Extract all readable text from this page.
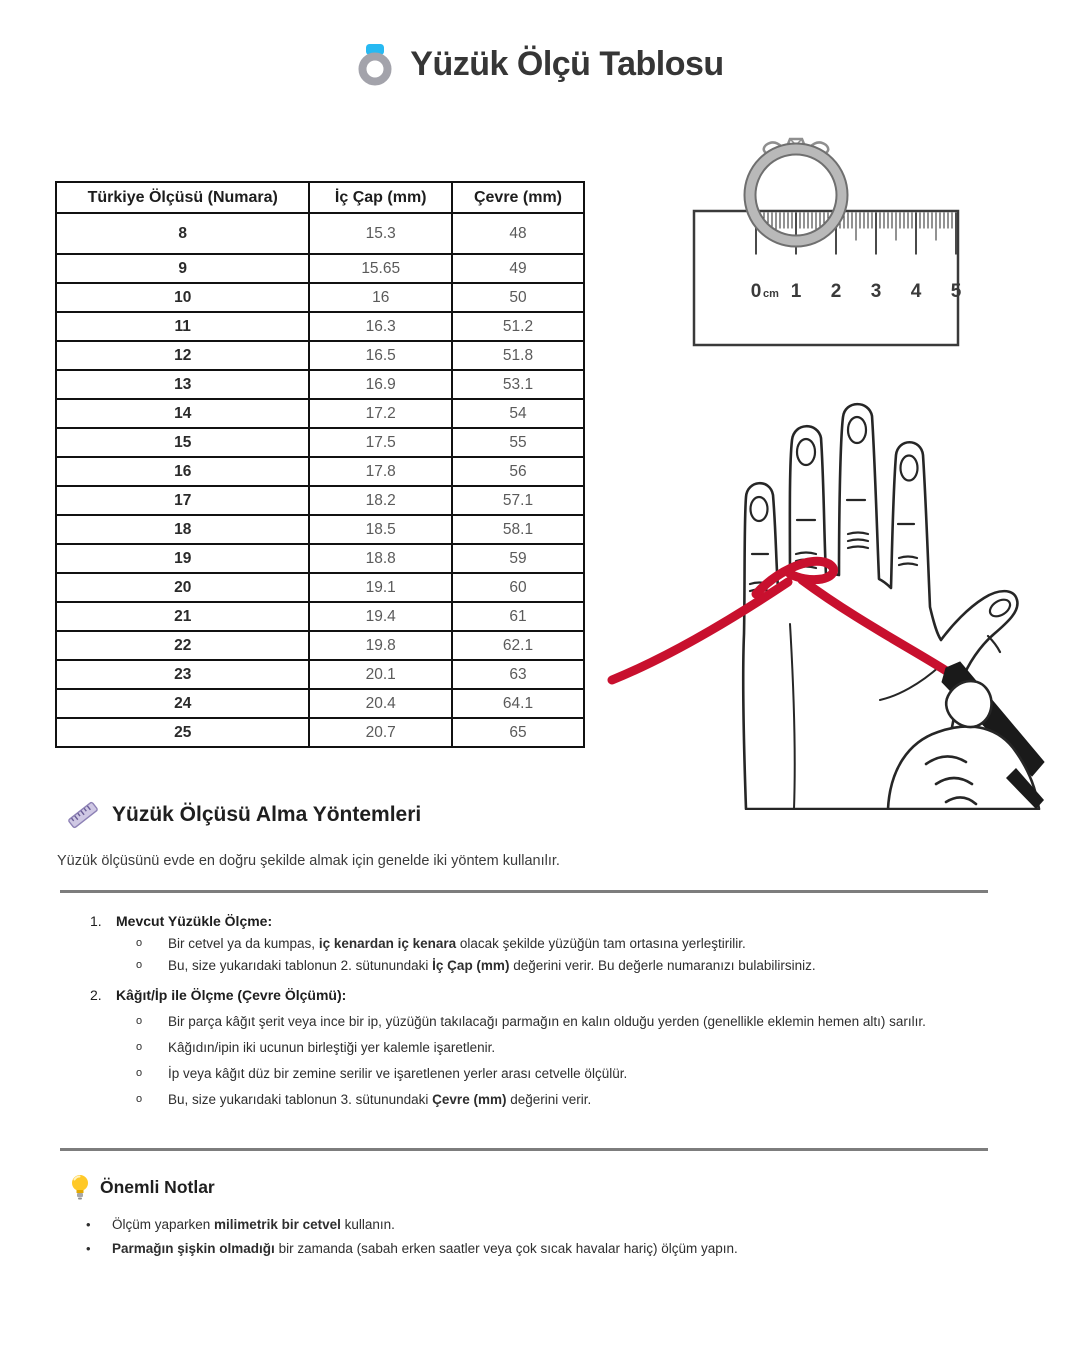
Yüzük Ölçü Tablosu
Türkiye Ölçüsü (Numara)	İç Çap (mm)	Çevre (mm)
8	15.3	48
9	15.65	49
10	16	50
11	16.3	51.2
12	16.5	51.8
13	16.9	53.1
14	17.2	54
15	17.5	55
16	17.8	56
17	18.2	57.1
18	18.5	58.1
19	18.8	59
20	19.1	60
21	19.4	61
22	19.8	62.1
23	20.1	63
24	20.4	64.1
25	20.7	65
0 cm 1 2 3 4 5
Yüzük Ölçüsü Alma Yöntemleri

Yüzük ölçüsünü evde en doğru şekilde almak için genelde iki yöntem kullanılır.

1.	Mevcut Yüzükle Ölçme:
o	Bir cetvel ya da kumpas, iç kenardan iç kenara olacak şekilde yüzüğün tam ortasına yerleştirilir.
o	Bu, size yukarıdaki tablonun 2. sütunundaki İç Çap (mm) değerini verir. Bu değerle numaranızı bulabilirsiniz.
2.	Kâğıt/İp ile Ölçme (Çevre Ölçümü):
o	Bir parça kâğıt şerit veya ince bir ip, yüzüğün takılacağı parmağın en kalın olduğu yerden (genellikle eklemin hemen altı) sarılır.
o	Kâğıdın/ipin iki ucunun birleştiği yer kalemle işaretlenir.
o	İp veya kâğıt düz bir zemine serilir ve işaretlenen yerler arası cetvelle ölçülür.
o	Bu, size yukarıdaki tablonun 3. sütunundaki Çevre (mm) değerini verir.
Önemli Notlar
•	Ölçüm yaparken milimetrik bir cetvel kullanın.
•	Parmağın şişkin olmadığı bir zamanda (sabah erken saatler veya çok sıcak havalar hariç) ölçüm yapın.
